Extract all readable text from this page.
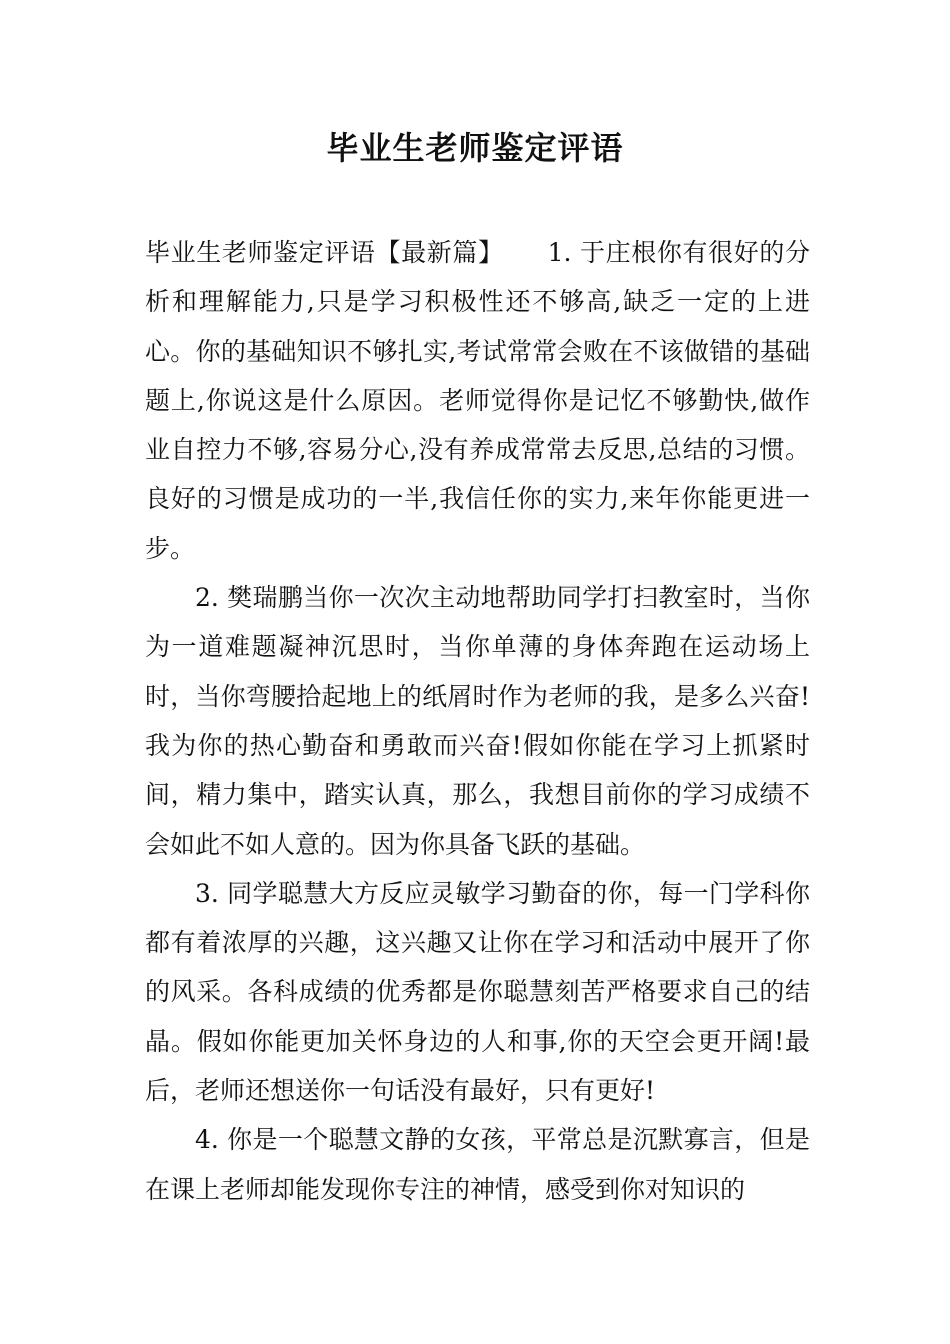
毕业生老师鉴定评语

毕业生老师鉴定评语【最新篇】 1. 于庄根你有很好的分析和理解能力,只是学习积极性还不够高,缺乏一定的上进心。你的基础知识不够扎实,考试常常会败在不该做错的基础题上,你说这是什么原因。老师觉得你是记忆不够勤快,做作业自控力不够,容易分心,没有养成常常去反思,总结的习惯。良好的习惯是成功的一半,我信任你的实力,来年你能更进一步。

2. 樊瑞鹏当你一次次主动地帮助同学打扫教室时，当你为一道难题凝神沉思时，当你单薄的身体奔跑在运动场上时，当你弯腰拾起地上的纸屑时作为老师的我，是多么兴奋!我为你的热心勤奋和勇敢而兴奋!假如你能在学习上抓紧时间，精力集中，踏实认真，那么，我想目前你的学习成绩不会如此不如人意的。因为你具备飞跃的基础。

3. 同学聪慧大方反应灵敏学习勤奋的你，每一门学科你都有着浓厚的兴趣，这兴趣又让你在学习和活动中展开了你的风采。各科成绩的优秀都是你聪慧刻苦严格要求自己的结晶。假如你能更加关怀身边的人和事,你的天空会更开阔!最后，老师还想送你一句话没有最好，只有更好!

4. 你是一个聪慧文静的女孩，平常总是沉默寡言，但是在课上老师却能发现你专注的神情，感受到你对知识的
